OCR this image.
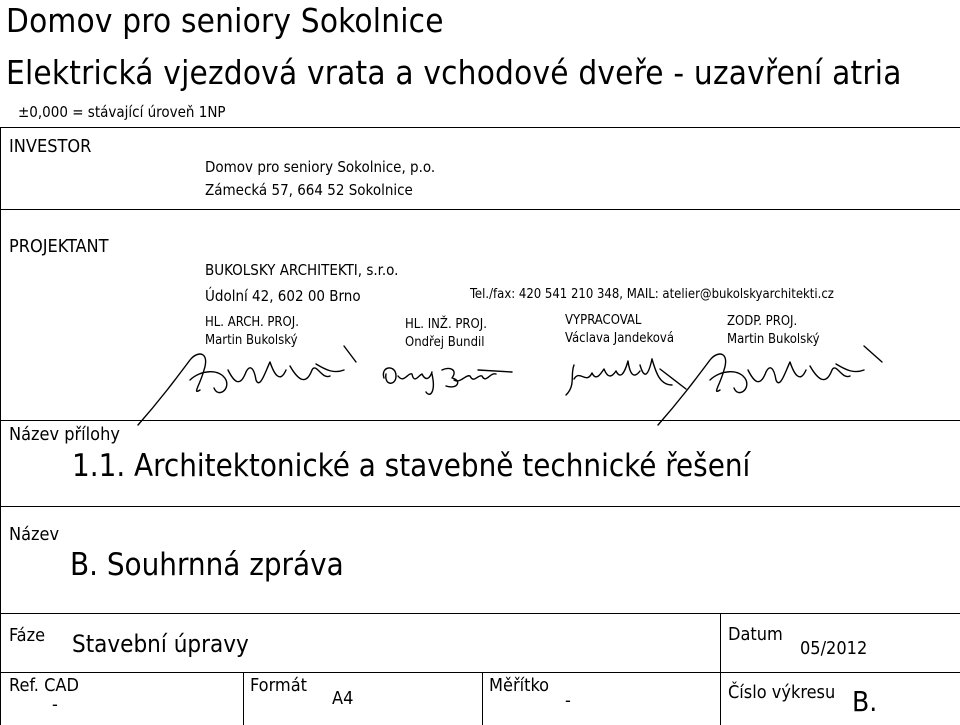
Domov pro seniory Sokolnice
Elektrická vjezdová vrata a vchodové dveře - uzavření atria
±0,000 = stávající úroveň 1NP
INVESTOR
Domov pro seniory Sokolnice, p.o.
Zámecká 57, 664 52 Sokolnice
PROJEKTANT
BUKOLSKY ARCHITEKTI, s.r.o.
Údolní 42, 602 00 Brno	Tel./fax: 420 541 210 348, MAIL: atelier@bukolskyarchitekti.cz
HL. ARCH. PROJ.
Martin Bukolský
HL. INŽ. PROJ.
Ondřej Bundil
VYPRACOVAL
Václava Jandeková
ZODP. PROJ.
Martin Bukolský
Název přílohy
1.1. Architektonické a stavebně technické řešení
Název
B. Souhrnná zpráva
Fáze Stavební úpravy	Datum
05/2012
Ref. CAD
-
Formát
A4
Měřítko
-	Číslo výkresu B.
